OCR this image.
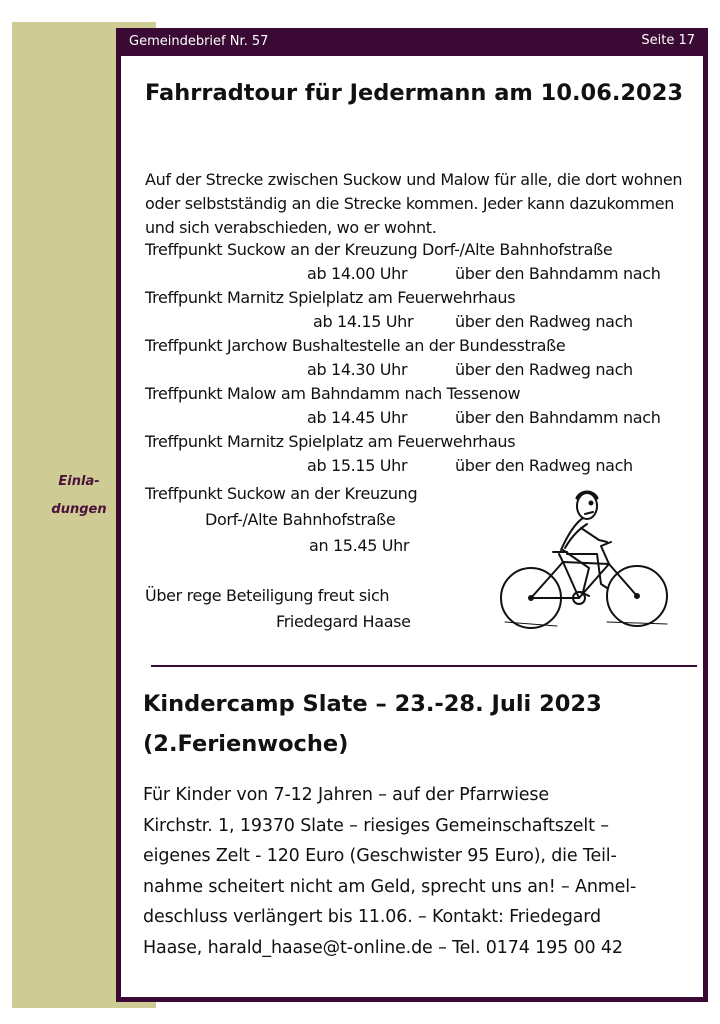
Einla-
dungen
Gemeindebrief Nr. 57	Seite 17
Fahrradtour für Jedermann am 10.06.2023

Auf der Strecke zwischen Suckow und Malow für alle, die dort wohnen oder selbstständig an die Strecke kommen. Jeder kann dazukommen und sich verabschieden, wo er wohnt.

Treffpunkt Suckow an der Kreuzung Dorf-/Alte Bahnhofstraße
ab 14.00 Uhr	über den Bahndamm nach
Treffpunkt Marnitz Spielplatz am Feuerwehrhaus
ab 14.15 Uhr	über den Radweg nach
Treffpunkt Jarchow Bushaltestelle an der Bundesstraße
ab 14.30 Uhr	über den Radweg nach
Treffpunkt Malow am Bahndamm nach Tessenow
ab 14.45 Uhr	über den Bahndamm nach
Treffpunkt Marnitz Spielplatz am Feuerwehrhaus
ab 15.15 Uhr	über den Radweg nach
Treffpunkt Suckow an der Kreuzung
Dorf-/Alte Bahnhofstraße
an 15.45 Uhr
Über rege Beteiligung freut sich
Friedegard Haase
Kindercamp Slate – 23.-28. Juli 2023 (2.Ferienwoche)
Für Kinder von 7-12 Jahren – auf der Pfarrwiese
Kirchstr. 1, 19370 Slate – riesiges Gemeinschaftszelt –
eigenes Zelt - 120 Euro (Geschwister 95 Euro), die Teil-
nahme scheitert nicht am Geld, sprecht uns an! – Anmel-
deschluss verlängert bis 11.06. – Kontakt: Friedegard
Haase, harald_haase@t-online.de – Tel. 0174 195 00 42
